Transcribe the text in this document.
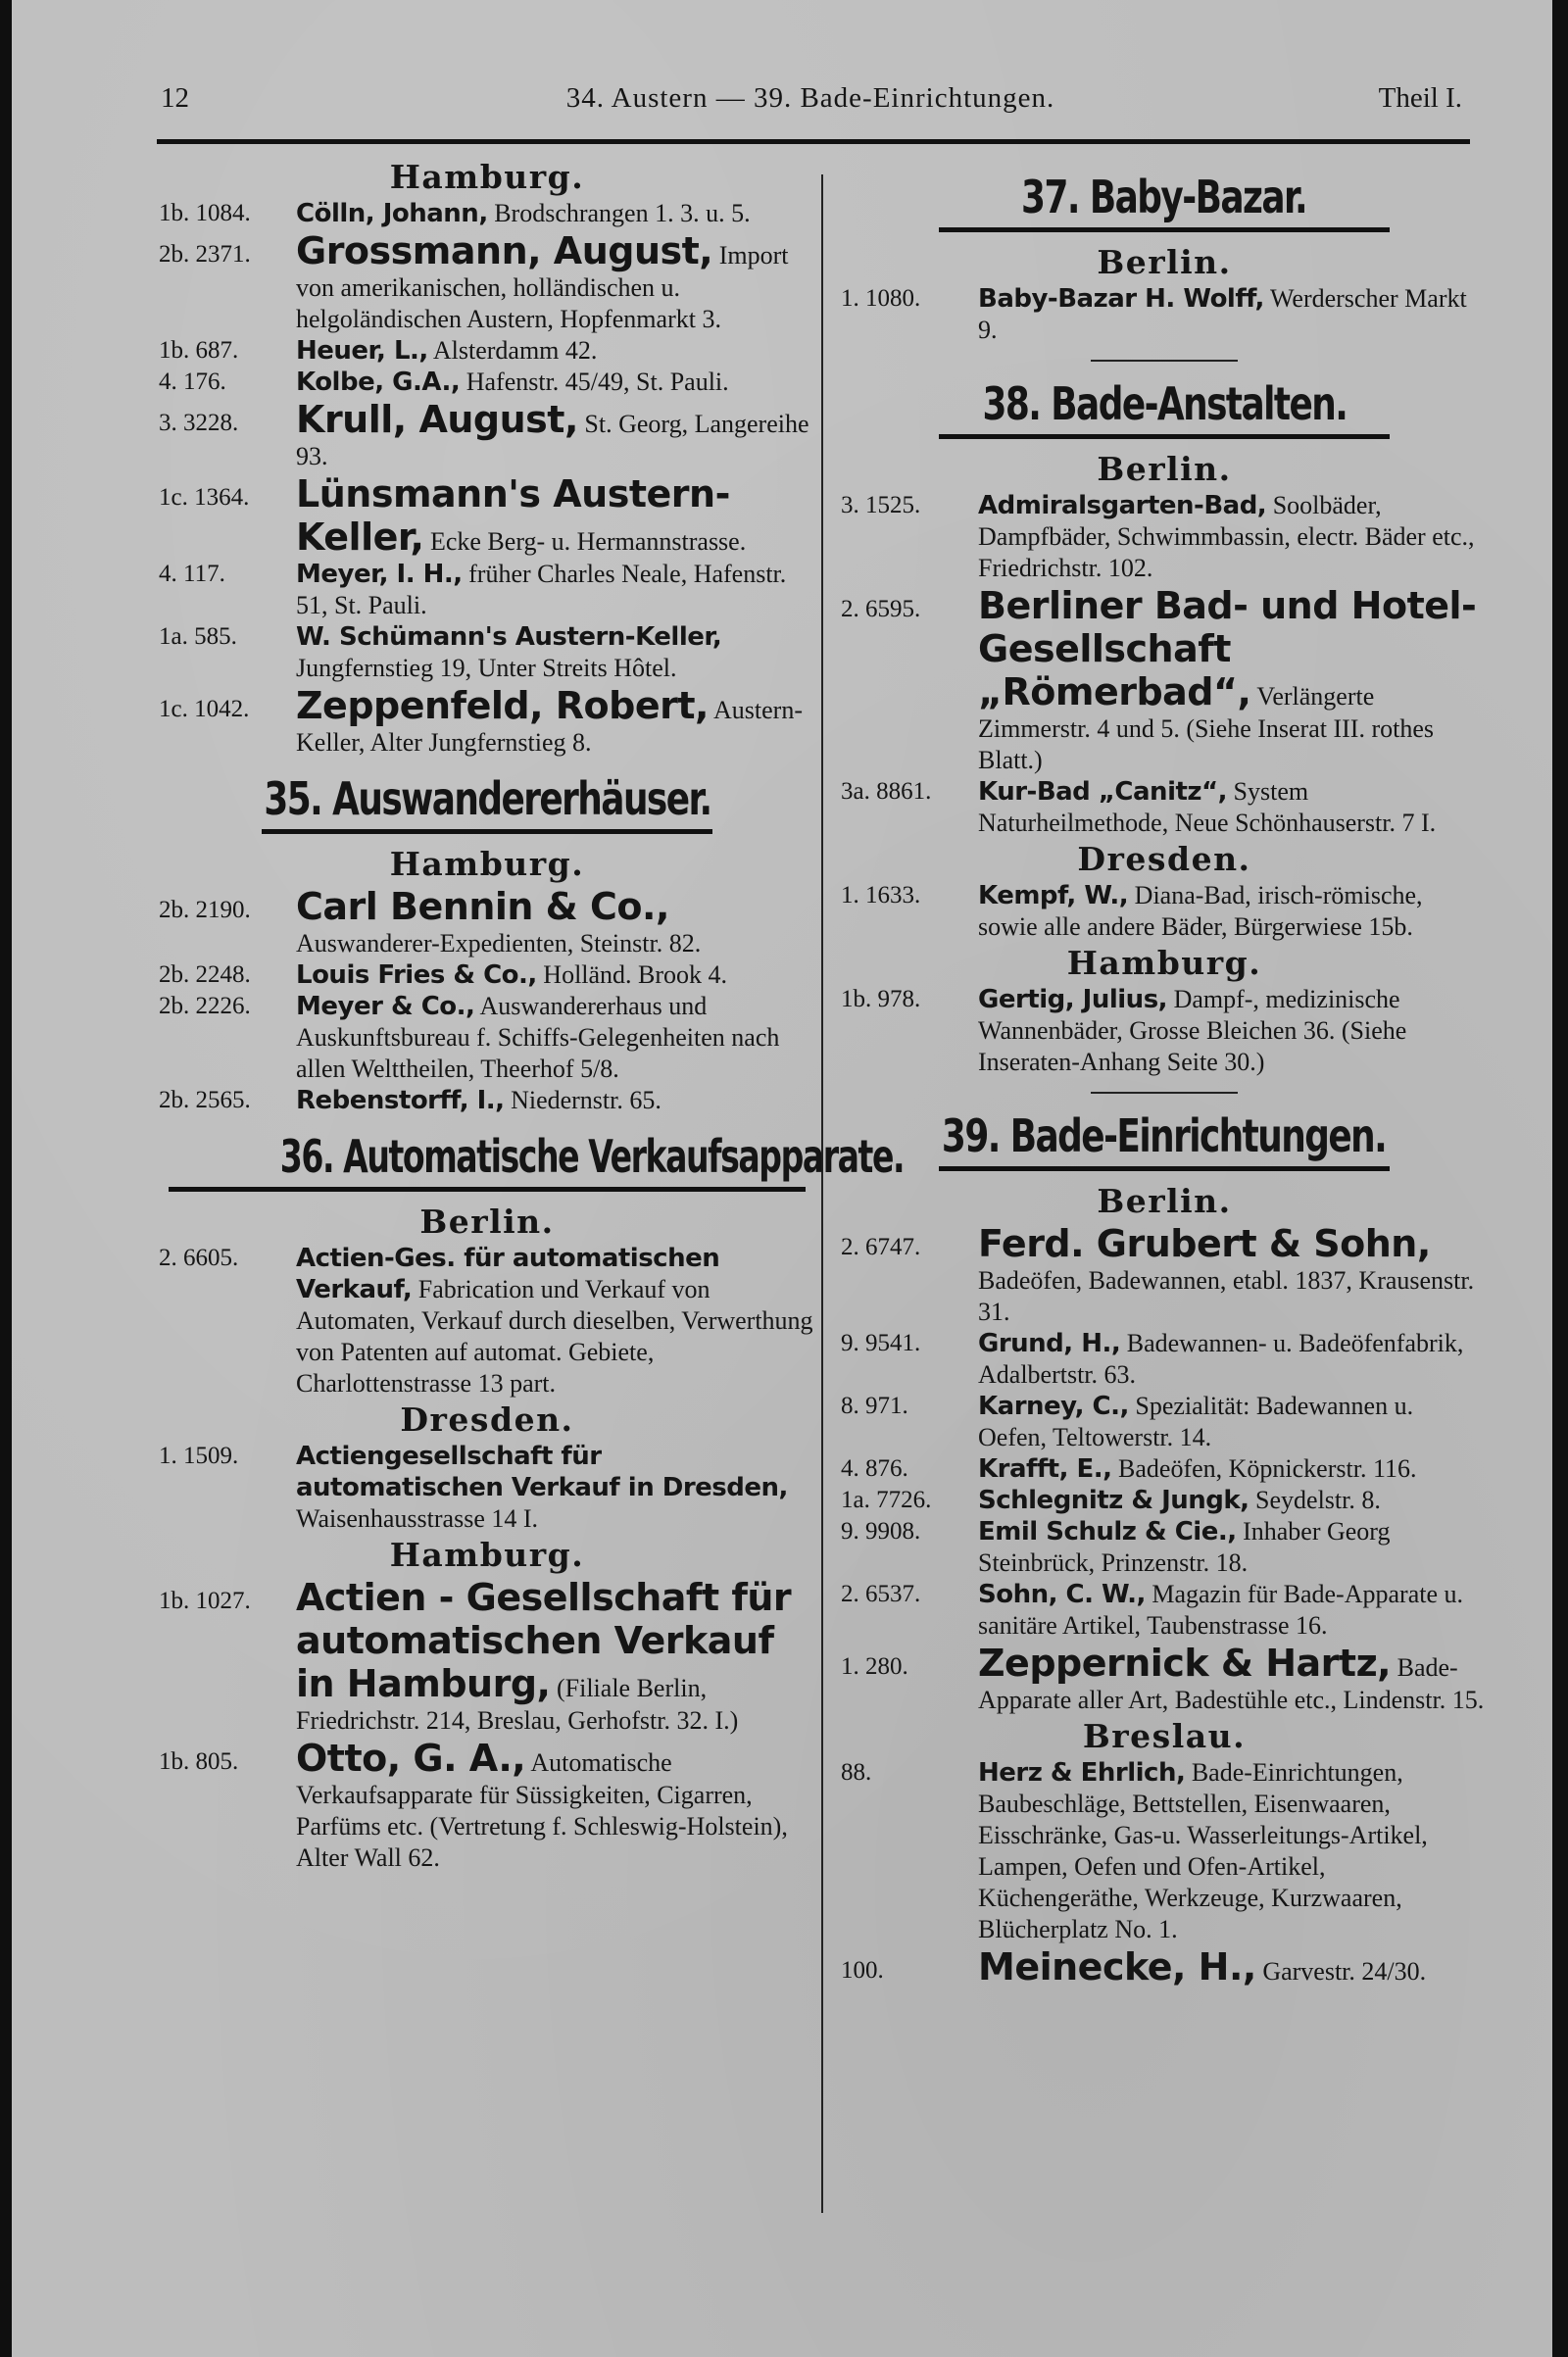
12	34. Austern — 39. Bade-Einrichtungen.	Theil I.
Hamburg.
1b. 1084.	Cölln, Johann, Brodschrangen 1. 3. u. 5.
2b. 2371.	Grossmann, August, Import von amerikanischen, holländischen u. helgoländischen Austern, Hopfenmarkt 3.
1b. 687.	Heuer, L., Alsterdamm 42.
4. 176.	Kolbe, G.A., Hafenstr. 45/49, St. Pauli.
3. 3228.	Krull, August, St. Georg, Langereihe 93.
1c. 1364.	Lünsmann's Austern-Keller, Ecke Berg- u. Hermannstrasse.
4. 117.	Meyer, I. H., früher Charles Neale, Hafenstr. 51, St. Pauli.
1a. 585.	W. Schümann's Austern-Keller, Jungfernstieg 19, Unter Streits Hôtel.
1c. 1042.	Zeppenfeld, Robert, Austern-Keller, Alter Jungfernstieg 8.
35. Auswandererhäuser.
Hamburg.
2b. 2190.	Carl Bennin & Co., Auswanderer-Expedienten, Steinstr. 82.
2b. 2248.	Louis Fries & Co., Holländ. Brook 4.
2b. 2226.	Meyer & Co., Auswandererhaus und Auskunftsbureau f. Schiffs-Gelegenheiten nach allen Welttheilen, Theerhof 5/8.
2b. 2565.	Rebenstorff, I., Niedernstr. 65.
36. Automatische Verkaufsapparate.
Berlin.
2. 6605.	Actien-Ges. für automatischen Verkauf, Fabrication und Verkauf von Automaten, Verkauf durch dieselben, Verwerthung von Patenten auf automat. Gebiete, Charlottenstrasse 13 part.
Dresden.
1. 1509.	Actiengesellschaft für automatischen Verkauf in Dresden, Waisenhausstrasse 14 I.
Hamburg.
1b. 1027.	Actien - Gesellschaft für automatischen Verkauf in Hamburg, (Filiale Berlin, Friedrichstr. 214, Breslau, Gerhofstr. 32. I.)
1b. 805.	Otto, G. A., Automatische Verkaufsapparate für Süssigkeiten, Cigarren, Parfüms etc. (Vertretung f. Schleswig-Holstein), Alter Wall 62.
37. Baby-Bazar.
Berlin.
1. 1080.	Baby-Bazar H. Wolff, Werderscher Markt 9.
38. Bade-Anstalten.
Berlin.
3. 1525.	Admiralsgarten-Bad, Soolbäder, Dampfbäder, Schwimmbassin, electr. Bäder etc., Friedrichstr. 102.
2. 6595.	Berliner Bad- und Hotel-Gesellschaft „Römerbad“, Verlängerte Zimmerstr. 4 und 5. (Siehe Inserat III. rothes Blatt.)
3a. 8861.	Kur-Bad „Canitz“, System Naturheilmethode, Neue Schönhauserstr. 7 I.
Dresden.
1. 1633.	Kempf, W., Diana-Bad, irisch-römische, sowie alle andere Bäder, Bürgerwiese 15b.
Hamburg.
1b. 978.	Gertig, Julius, Dampf-, medizinische Wannenbäder, Grosse Bleichen 36. (Siehe Inseraten-Anhang Seite 30.)
39. Bade-Einrichtungen.
Berlin.
2. 6747.	Ferd. Grubert & Sohn, Badeöfen, Badewannen, etabl. 1837, Krausenstr. 31.
9. 9541.	Grund, H., Badewannen- u. Badeöfenfabrik, Adalbertstr. 63.
8. 971.	Karney, C., Spezialität: Badewannen u. Oefen, Teltowerstr. 14.
4. 876.	Krafft, E., Badeöfen, Köpnickerstr. 116.
1a. 7726.	Schlegnitz & Jungk, Seydelstr. 8.
9. 9908.	Emil Schulz & Cie., Inhaber Georg Steinbrück, Prinzenstr. 18.
2. 6537.	Sohn, C. W., Magazin für Bade-Apparate u. sanitäre Artikel, Taubenstrasse 16.
1. 280.	Zeppernick & Hartz, Bade-Apparate aller Art, Badestühle etc., Lindenstr. 15.
Breslau.
88.	Herz & Ehrlich, Bade-Einrichtungen, Baubeschläge, Bettstellen, Eisenwaaren, Eisschränke, Gas-u. Wasserleitungs-Artikel, Lampen, Oefen und Ofen-Artikel, Küchengeräthe, Werkzeuge, Kurzwaaren, Blücherplatz No. 1.
100.	Meinecke, H., Garvestr. 24/30.
